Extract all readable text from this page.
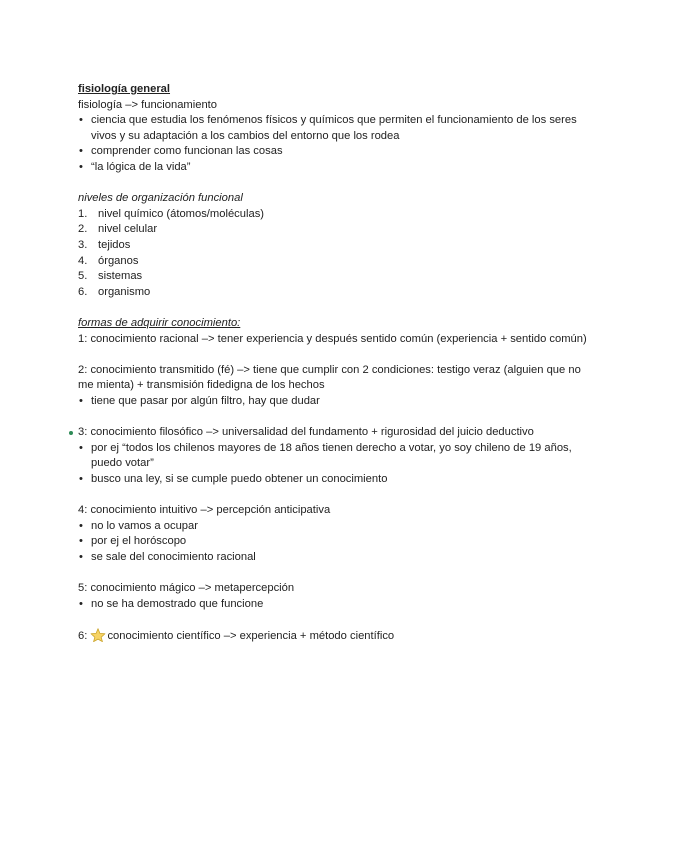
fisiología general
fisiología –> funcionamiento
• ciencia que estudia los fenómenos físicos y químicos que permiten el funcionamiento de los seres vivos y su adaptación a los cambios del entorno que los rodea
• comprender como funcionan las cosas
• “la lógica de la vida”
niveles de organización funcional
1. nivel químico (átomos/moléculas)
2. nivel celular
3. tejidos
4. órganos
5. sistemas
6. organismo
formas de adquirir conocimiento:
1: conocimiento racional –> tener experiencia y después sentido común (experiencia + sentido común)
2: conocimiento transmitido (fé) –> tiene que cumplir con 2 condiciones: testigo veraz (alguien que no me mienta) + transmisión fidedigna de los hechos
• tiene que pasar por algún filtro, hay que dudar
3: conocimiento filosófico –> universalidad del fundamento + rigurosidad del juicio deductivo
• por ej “todos los chilenos mayores de 18 años tienen derecho a votar, yo soy chileno de 19 años, puedo votar”
• busco una ley, si se cumple puedo obtener un conocimiento
4: conocimiento intuitivo –> percepción anticipativa
• no lo vamos a ocupar
• por ej el horóscopo
• se sale del conocimiento racional
5: conocimiento mágico –> metapercepción
• no se ha demostrado que funcione
6: conocimiento científico –> experiencia + método científico
